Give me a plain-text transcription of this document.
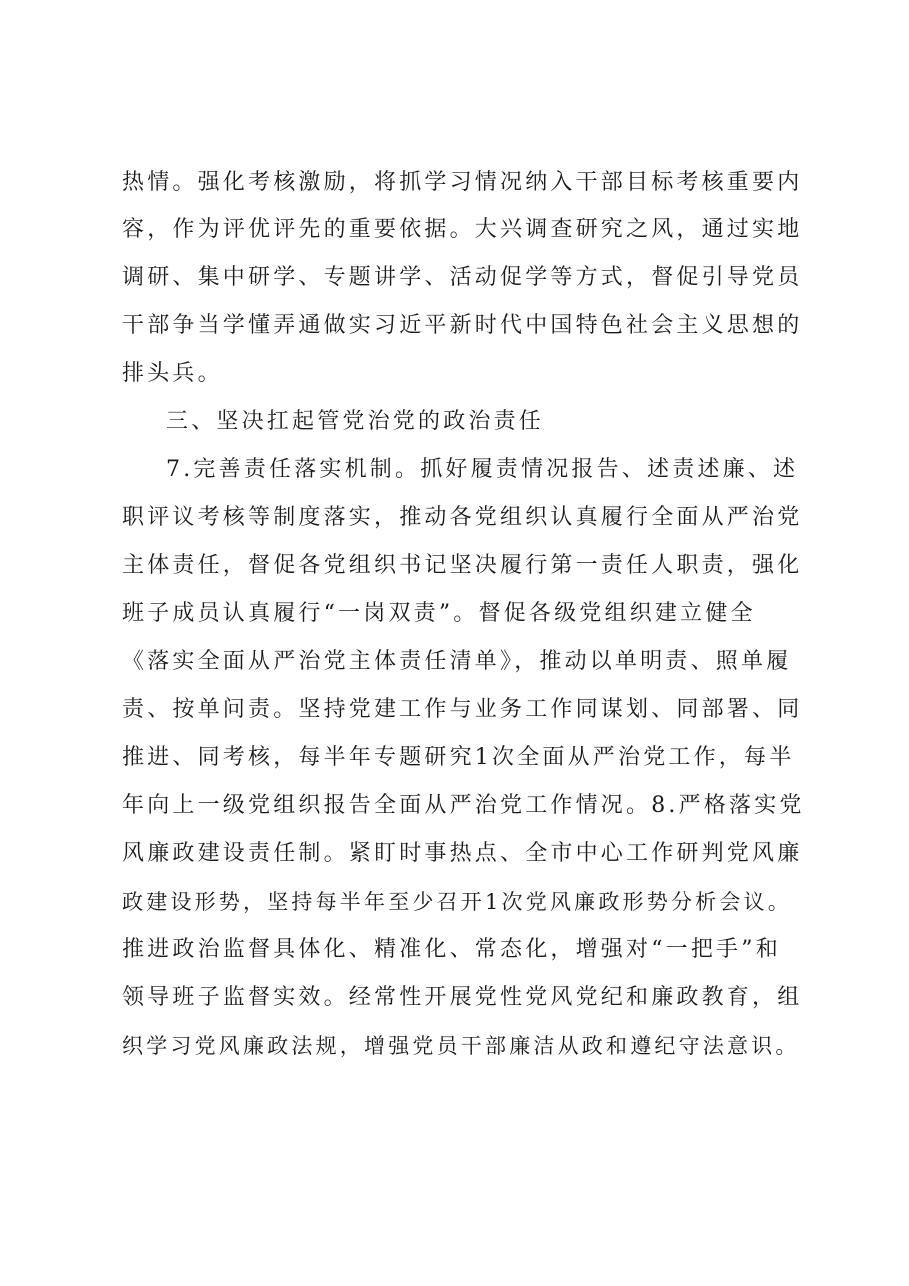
热情。强化考核激励，将抓学习情况纳入干部目标考核重要内
容，作为评优评先的重要依据。大兴调查研究之风，通过实地
调研、集中研学、专题讲学、活动促学等方式，督促引导党员
干部争当学懂弄通做实习近平新时代中国特色社会主义思想的
排头兵。
三、坚决扛起管党治党的政治责任
7.完善责任落实机制。抓好履责情况报告、述责述廉、述
职评议考核等制度落实，推动各党组织认真履行全面从严治党
主体责任，督促各党组织书记坚决履行第一责任人职责，强化
班子成员认真履行“一岗双责”。督促各级党组织建立健全
《落实全面从严治党主体责任清单》，推动以单明责、照单履
责、按单问责。坚持党建工作与业务工作同谋划、同部署、同
推进、同考核，每半年专题研究1次全面从严治党工作，每半
年向上一级党组织报告全面从严治党工作情况。8.严格落实党
风廉政建设责任制。紧盯时事热点、全市中心工作研判党风廉
政建设形势，坚持每半年至少召开1次党风廉政形势分析会议。
推进政治监督具体化、精准化、常态化，增强对“一把手”和
领导班子监督实效。经常性开展党性党风党纪和廉政教育，组
织学习党风廉政法规，增强党员干部廉洁从政和遵纪守法意识。
